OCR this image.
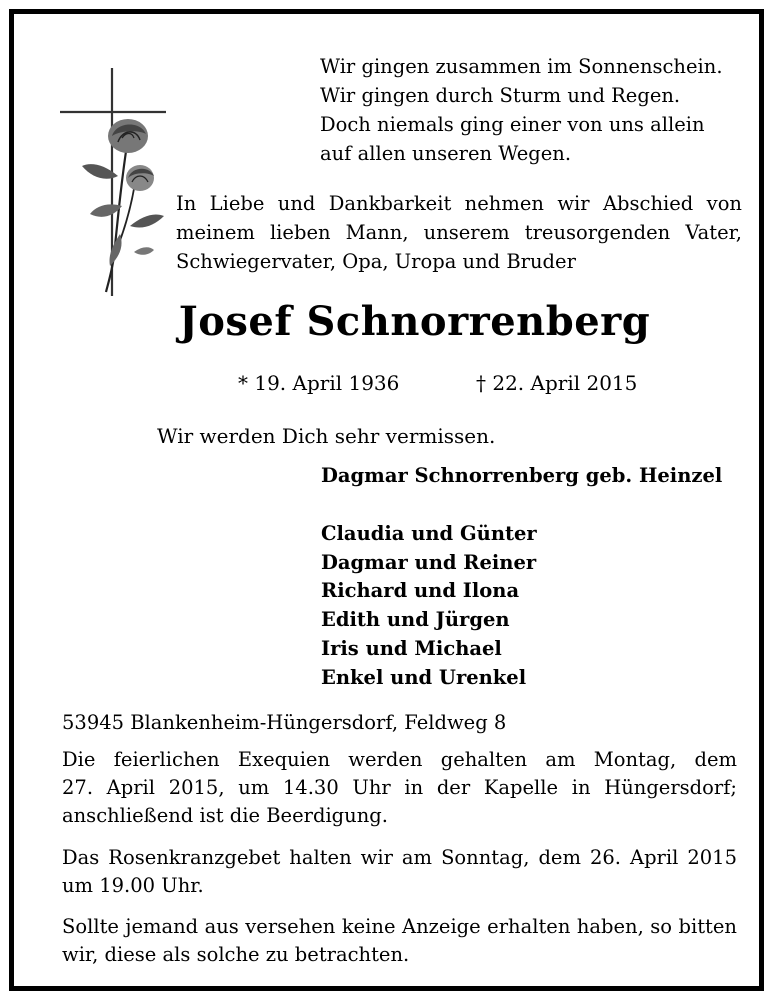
Wir gingen zusammen im Sonnenschein.
Wir gingen durch Sturm und Regen.
Doch niemals ging einer von uns allein
auf allen unseren Wegen.
In Liebe und Dankbarkeit nehmen wir Abschied von
meinem lieben Mann, unserem treusorgenden Vater,
Schwiegervater, Opa, Uropa und Bruder
Josef Schnorrenberg
* 19. April 1936	† 22. April 2015
Wir werden Dich sehr vermissen.
Dagmar Schnorrenberg geb. Heinzel
Claudia und Günter
Dagmar und Reiner
Richard und Ilona
Edith und Jürgen
Iris und Michael
Enkel und Urenkel
53945 Blankenheim-Hüngersdorf, Feldweg 8
Die feierlichen Exequien werden gehalten am Montag, dem
27. April 2015, um 14.30 Uhr in der Kapelle in Hüngersdorf;
anschließend ist die Beerdigung.
Das Rosenkranzgebet halten wir am Sonntag, dem 26. April 2015
um 19.00 Uhr.
Sollte jemand aus versehen keine Anzeige erhalten haben, so bitten
wir, diese als solche zu betrachten.
